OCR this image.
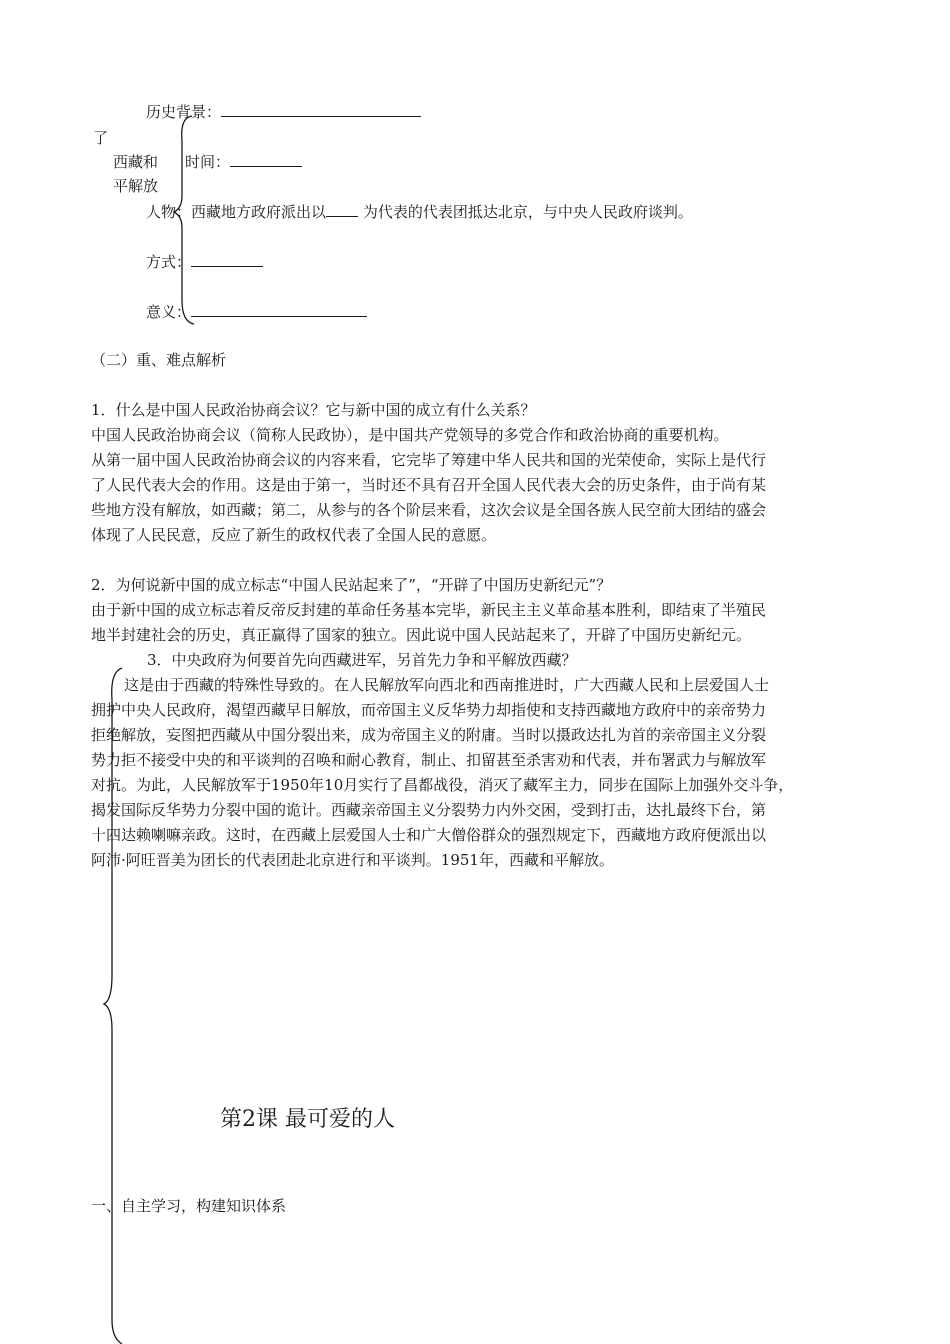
历史背景：
了
西藏和 时间：
平解放
人物：西藏地方政府派出以 为代表的代表团抵达北京，与中央人民政府谈判。
方式：
意义：
（二）重、难点解析
1．什么是中国人民政治协商会议？它与新中国的成立有什么关系？
中国人民政治协商会议（简称人民政协），是中国共产党领导的多党合作和政治协商的重要机构。
从第一届中国人民政治协商会议的内容来看，它完毕了筹建中华人民共和国的光荣使命，实际上是代行
了人民代表大会的作用。这是由于第一，当时还不具有召开全国人民代表大会的历史条件，由于尚有某
些地方没有解放，如西藏；第二，从参与的各个阶层来看，这次会议是全国各族人民空前大团结的盛会
体现了人民民意，反应了新生的政权代表了全国人民的意愿。
2．为何说新中国的成立标志“中国人民站起来了”，“开辟了中国历史新纪元”？
由于新中国的成立标志着反帝反封建的革命任务基本完毕，新民主主义革命基本胜利，即结束了半殖民
地半封建社会的历史，真正赢得了国家的独立。因此说中国人民站起来了，开辟了中国历史新纪元。
3．中央政府为何要首先向西藏进军，另首先力争和平解放西藏？
这是由于西藏的特殊性导致的。在人民解放军向西北和西南推进时，广大西藏人民和上层爱国人士
拥护中央人民政府，渴望西藏早日解放，而帝国主义反华势力却指使和支持西藏地方政府中的亲帝势力
拒绝解放，妄图把西藏从中国分裂出来，成为帝国主义的附庸。当时以摄政达扎为首的亲帝国主义分裂
势力拒不接受中央的和平谈判的召唤和耐心教育，制止、扣留甚至杀害劝和代表，并布署武力与解放军
对抗。为此，人民解放军于1950年10月实行了昌都战役，消灭了藏军主力，同步在国际上加强外交斗争，
揭发国际反华势力分裂中国的诡计。西藏亲帝国主义分裂势力内外交困，受到打击，达扎最终下台，第
十四达赖喇嘛亲政。这时，在西藏上层爱国人士和广大僧俗群众的强烈规定下，西藏地方政府便派出以
阿沛·阿旺晋美为团长的代表团赴北京进行和平谈判。1951年，西藏和平解放。
第2课 最可爱的人
一、自主学习，构建知识体系
